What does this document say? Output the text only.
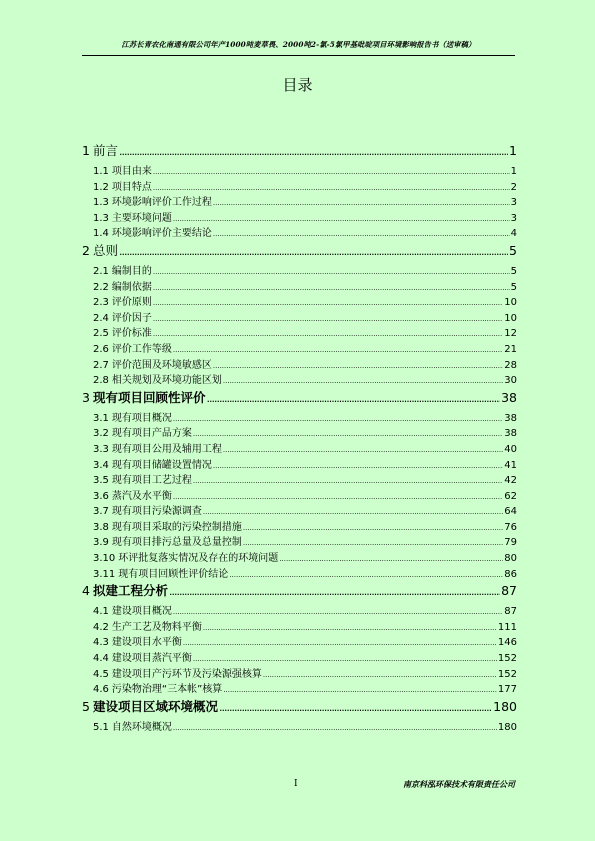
江苏长青农化南通有限公司年产1000吨麦草畏、2000吨2-氯-5氯甲基吡啶项目环境影响报告书（送审稿）
目录
1 前言 .....	1
1.1 项目由来 .....	1
1.2 项目特点 .....	2
1.3 环境影响评价工作过程 .....	3
1.3 主要环境问题 .....	3
1.4 环境影响评价主要结论 .....	4
2 总则 .....	5
2.1 编制目的 .....	5
2.2 编制依据 .....	5
2.3 评价原则 .....	10
2.4 评价因子 .....	10
2.5 评价标准 .....	12
2.6 评价工作等级 .....	21
2.7 评价范围及环境敏感区 .....	28
2.8 相关规划及环境功能区划 .....	30
3 现有项目回顾性评价 .....	38
3.1 现有项目概况 .....	38
3.2 现有项目产品方案 .....	38
3.3 现有项目公用及辅用工程 .....	40
3.4 现有项目储罐设置情况 .....	41
3.5 现有项目工艺过程 .....	42
3.6 蒸汽及水平衡 .....	62
3.7 现有项目污染源调查 .....	64
3.8 现有项目采取的污染控制措施 .....	76
3.9 现有项目排污总量及总量控制 .....	79
3.10 环评批复落实情况及存在的环境问题 .....	80
3.11 现有项目回顾性评价结论 .....	86
4 拟建工程分析 .....	87
4.1 建设项目概况 .....	87
4.2 生产工艺及物料平衡 .....	111
4.3 建设项目水平衡 .....	146
4.4 建设项目蒸汽平衡 .....	152
4.5 建设项目产污环节及污染源强核算 .....	152
4.6 污染物治理“三本帐”核算 .....	177
5 建设项目区域环境概况 .....	180
5.1 自然环境概况 .....	180
I	南京科泓环保技术有限责任公司
